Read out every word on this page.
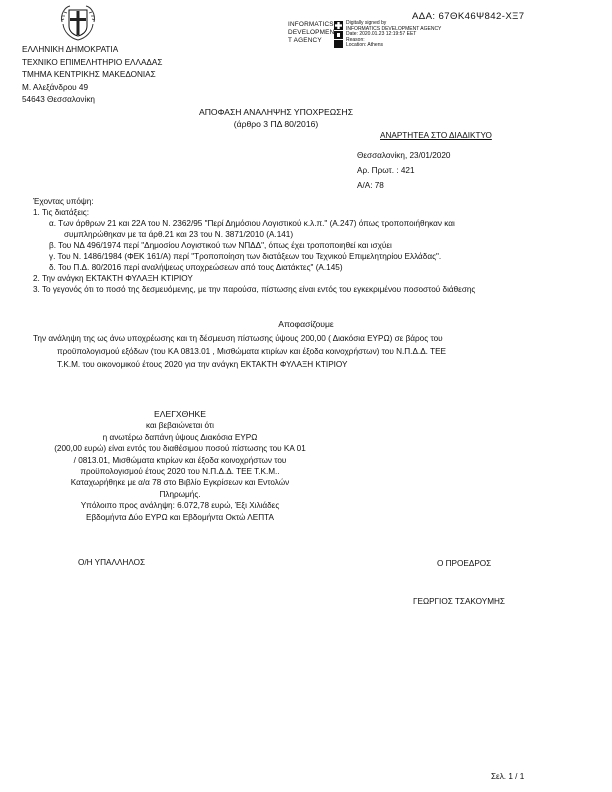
ΕΛΛΗΝΙΚΗ ΔΗΜΟΚΡΑΤΙΑ
ΤΕΧΝΙΚΟ ΕΠΙΜΕΛΗΤΗΡΙΟ ΕΛΛΑΔΑΣ
ΤΜΗΜΑ ΚΕΝΤΡΙΚΗΣ ΜΑΚΕΔΟΝΙΑΣ
Μ. Αλεξάνδρου 49
54643 Θεσσαλονίκη
INFORMATICS
DEVELOPMEN
T AGENCY
Digitally signed by
INFORMATICS DEVELOPMENT AGENCY
Date: 2020.01.23 12:19:57 EET
Reason:
Location: Athens
ΑΔΑ: 67ΘΚ46Ψ842-ΧΞ7
ΑΠΟΦΑΣΗ ΑΝΑΛΗΨΗΣ ΥΠΟΧΡΕΩΣΗΣ
(άρθρο 3 ΠΔ 80/2016)
ΑΝΑΡΤΗΤΕΑ ΣΤΟ ΔΙΑΔΙΚΤΥΟ
Θεσσαλονίκη, 23/01/2020
Αρ. Πρωτ. : 421
Α/Α: 78
Έχοντας υπόψη:
1. Τις διατάξεις:
α. Των άρθρων 21 και 22Α του Ν. 2362/95 "Περί Δημόσιου Λογιστικού κ.λ.π." (Α.247) όπως τροποποιήθηκαν και
συμπληρώθηκαν με τα άρθ.21 και 23 του Ν. 3871/2010 (Α.141)
β. Του ΝΔ 496/1974 περί "Δημοσίου Λογιστικού των ΝΠΔΔ", όπως έχει τροποποιηθεί και ισχύει
γ. Του Ν. 1486/1984 (ΦΕΚ 161/Α) περί "Τροποποίηση των διατάξεων του Τεχνικού Επιμελητηρίου Ελλάδας".
δ. Του Π.Δ. 80/2016 περί αναλήψεως υποχρεώσεων από τους Διατάκτες" (Α.145)
2. Την ανάγκη ΕΚΤΑΚΤΗ ΦΥΛΑΞΗ ΚΤΙΡΙΟΥ
3. Το γεγονός ότι το ποσό της δεσμευόμενης, με την παρούσα, πίστωσης είναι εντός του εγκεκριμένου ποσοστού διάθεσης
Αποφασίζουμε
Την ανάληψη της ως άνω υποχρέωσης και τη δέσμευση πίστωσης ύψους 200,00 ( Διακόσια ΕΥΡΩ) σε βάρος του
προϋπολογισμού εξόδων (του ΚΑ 0813.01 , Μισθώματα κτιρίων και έξοδα κοινοχρήστων) του Ν.Π.Δ.Δ. ΤΕΕ
Τ.Κ.Μ. του οικονομικού έτους 2020 για την ανάγκη ΕΚΤΑΚΤΗ ΦΥΛΑΞΗ ΚΤΙΡΙΟΥ
ΕΛΕΓΧΘΗΚΕ
και βεβαιώνεται ότι
η ανωτέρω δαπάνη ύψους Διακόσια ΕΥΡΩ
(200,00 ευρώ) είναι εντός του διαθέσιμου ποσού πίστωσης του ΚΑ 01
/ 0813.01, Μισθώματα κτιρίων και έξοδα κοινοχρήστων του
προϋπολογισμού έτους 2020 του Ν.Π.Δ.Δ. ΤΕΕ Τ.Κ.Μ..
Καταχωρήθηκε με α/α 78 στο Βιβλίο Εγκρίσεων και Εντολών
Πληρωμής.
Υπόλοιπο προς ανάληψη: 6.072,78 ευρώ, Έξι Χιλιάδες
Εβδομήντα Δύο ΕΥΡΩ και Εβδομήντα Οκτώ ΛΕΠΤΑ
Ο/Η ΥΠΑΛΛΗΛΟΣ	Ο ΠΡΟΕΔΡΟΣ
ΓΕΩΡΓΙΟΣ ΤΣΑΚΟΥΜΗΣ
Σελ. 1 / 1
